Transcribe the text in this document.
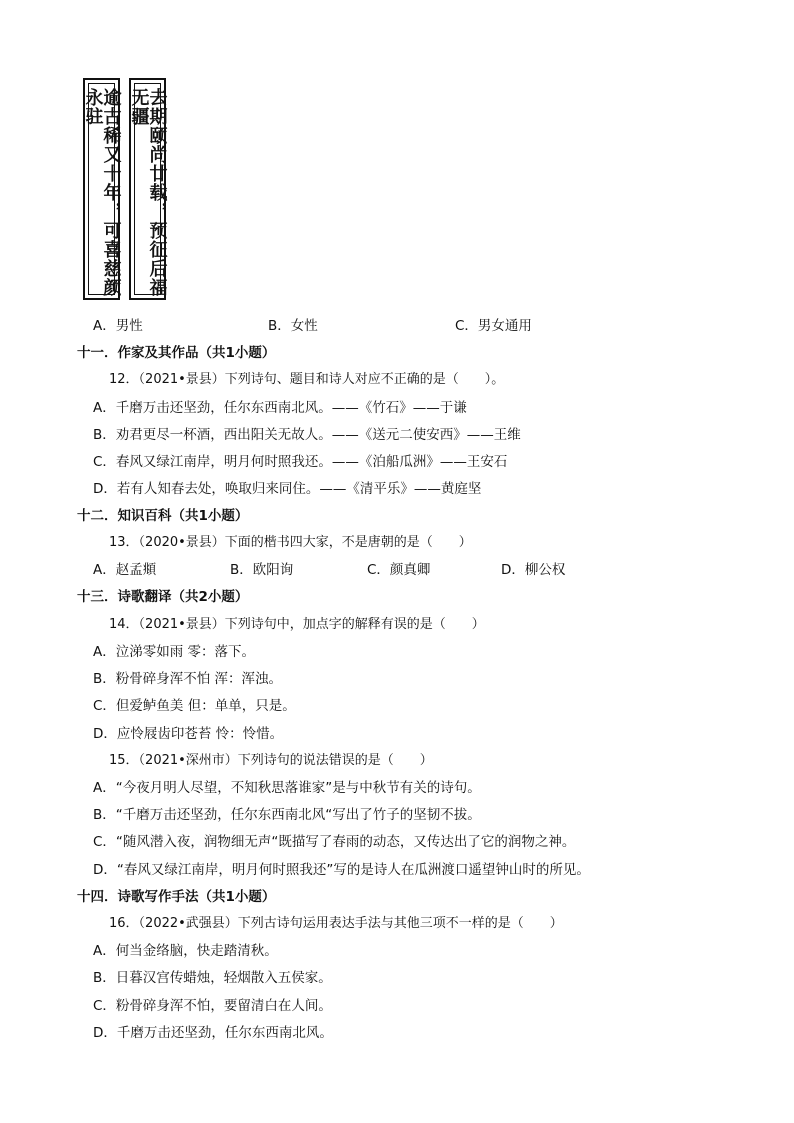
逾古稀又十年，可喜慈颜永驻	去期颐尚廿载，预征后福无疆
A．男性	B．女性	C．男女通用
十一．作家及其作品（共1小题）
12．（2021•景县）下列诗句、题目和诗人对应不正确的是（　　）。
A．千磨万击还坚劲，任尔东西南北风。——《竹石》——于谦
B．劝君更尽一杯酒，西出阳关无故人。——《送元二使安西》——王维
C．春风又绿江南岸，明月何时照我还。——《泊船瓜洲》——王安石
D．若有人知春去处，唤取归来同住。——《清平乐》——黄庭坚
十二．知识百科（共1小题）
13．（2020•景县）下面的楷书四大家，不是唐朝的是（　　）
A．赵孟頫	B．欧阳询	C．颜真卿	D．柳公权
十三．诗歌翻译（共2小题）
14．（2021•景县）下列诗句中，加点字的解释有误的是（　　）
A．泣涕零如雨 零：落下。
B．粉骨碎身浑不怕 浑：浑浊。
C．但爱鲈鱼美 但：单单，只是。
D．应怜屐齿印苍苔 怜：怜惜。
15．（2021•深州市）下列诗句的说法错误的是（　　）
A．“今夜月明人尽望，不知秋思落谁家”是与中秋节有关的诗句。
B．“千磨万击还坚劲，任尔东西南北风“写出了竹子的坚韧不拔。
C．“随风潜入夜，润物细无声“既描写了春雨的动态，又传达出了它的润物之神。
D．“春风又绿江南岸，明月何时照我还”写的是诗人在瓜洲渡口遥望钟山时的所见。
十四．诗歌写作手法（共1小题）
16．（2022•武强县）下列古诗句运用表达手法与其他三项不一样的是（　　）
A．何当金络脑，快走踏清秋。
B．日暮汉宫传蜡烛，轻烟散入五侯家。
C．粉骨碎身浑不怕，要留清白在人间。
D．千磨万击还坚劲，任尔东西南北风。
